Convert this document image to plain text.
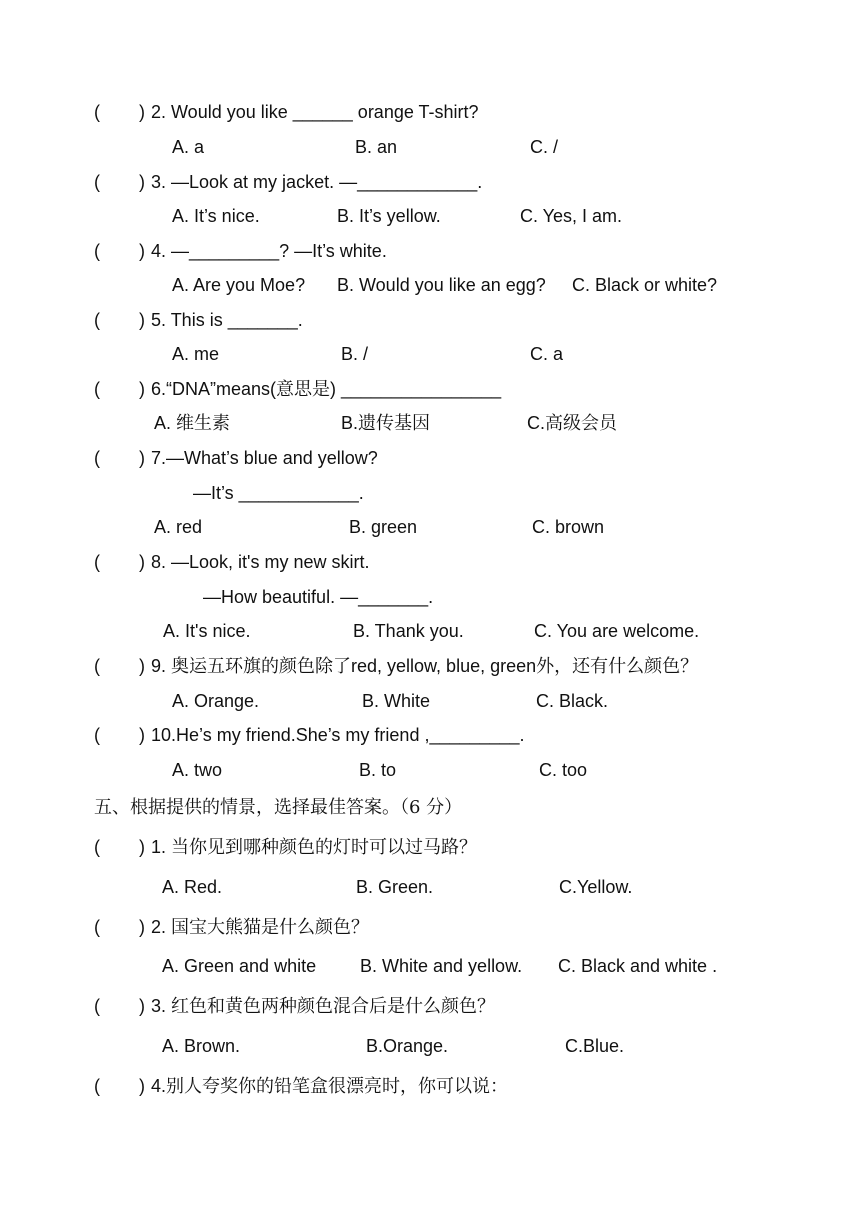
( ) 2. Would you like ______ orange T-shirt?
A. a	B. an	C. /
( ) 3. —Look at my jacket. —____________.
A. It’s nice.	B. It’s yellow.	C. Yes, I am.
( ) 4. —_________? —It’s white.
A. Are you Moe? B. Would you like an egg? C. Black or white?
( ) 5. This is _______.
A. me	B. /	C. a
( ) 6.“DNA”means(意思是) ________________
A. 维生素	B.遗传基因	C.高级会员
( ) 7.—What’s blue and yellow?
—It’s ____________.
A. red	B. green	C. brown
( ) 8. —Look, it's my new skirt.
—How beautiful. —_______.
A. It's nice.	B. Thank you.	C. You are welcome.
( ) 9. 奥运五环旗的颜色除了red, yellow, blue, green外，还有什么颜色？
A. Orange.	B. White	C. Black.
( ) 10.He’s my friend.She’s my friend ,_________.
A. two	B. to	C. too
五、根据提供的情景，选择最佳答案。（6 分）
( ) 1. 当你见到哪种颜色的灯时可以过马路？
A. Red.	B. Green.	C.Yellow.
( ) 2. 国宝大熊猫是什么颜色？
A. Green and white B. White and yellow. C. Black and white .
( ) 3. 红色和黄色两种颜色混合后是什么颜色？
A. Brown.	B.Orange.	C.Blue.
( ) 4.别人夸奖你的铅笔盒很漂亮时，你可以说：
